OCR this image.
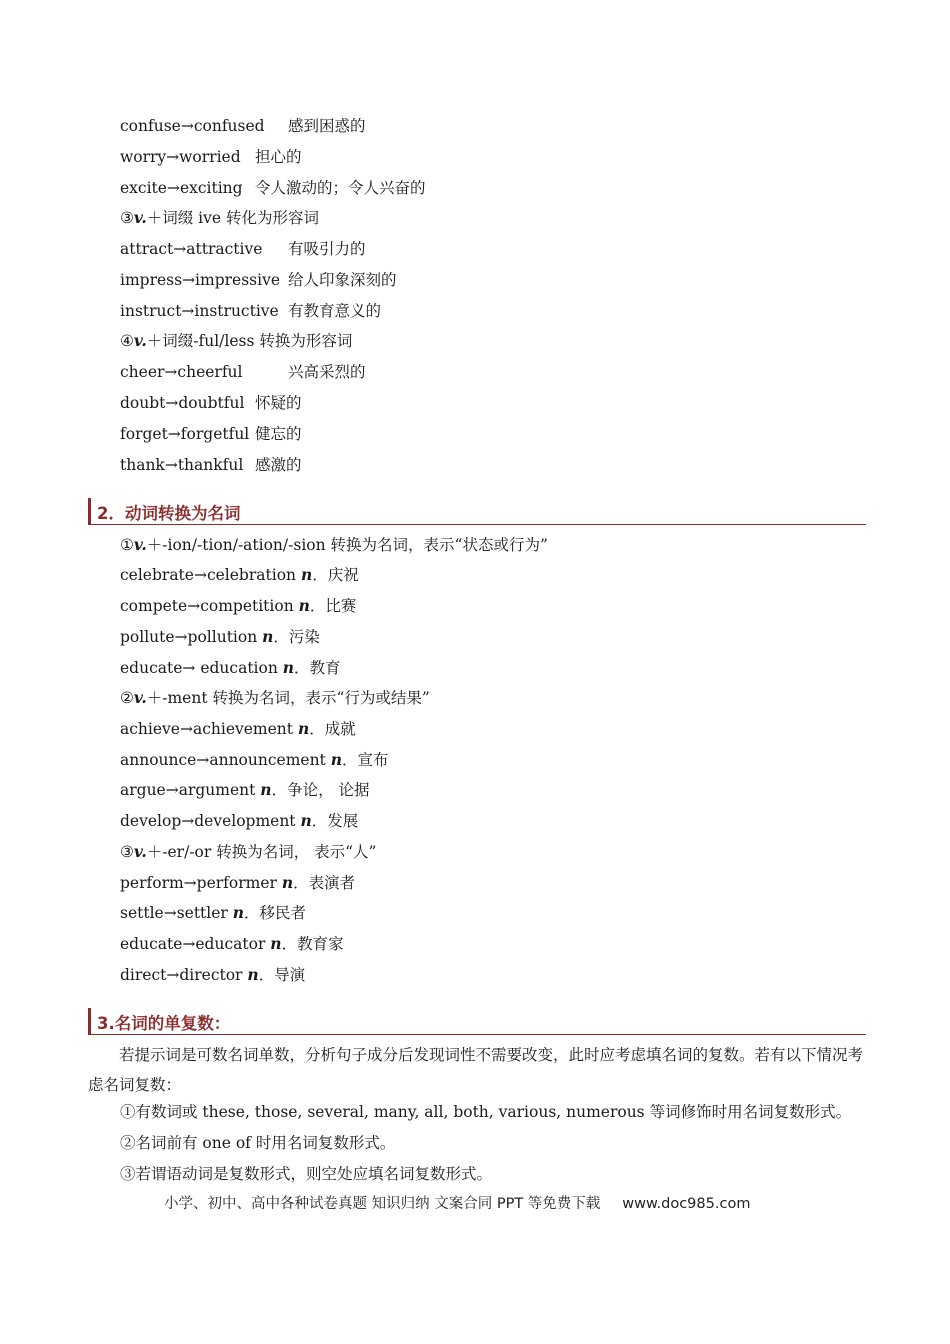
confuse→confused 感到困惑的
worry→worried 担心的
excite→exciting 令人激动的；令人兴奋的
③v.＋词缀 ive 转化为形容词
attract→attractive 有吸引力的
impress→impressive 给人印象深刻的
instruct→instructive 有教育意义的
④v.＋词缀-ful/less 转换为形容词
cheer→cheerful	兴高采烈的
doubt→doubtful 怀疑的
forget→forgetful 健忘的
thank→thankful 感激的
2．动词转换为名词
①v.＋-ion/-tion/-ation/-sion 转换为名词，表示“状态或行为”
celebrate→celebration n．庆祝
compete→competition n．比赛
pollute→pollution n．污染
educate→ education n．教育
②v.＋-ment 转换为名词，表示“行为或结果”
achieve→achievement n．成就
announce→announcement n．宣布
argue→argument n．争论， 论据
develop→development n．发展
③v.＋-er/-or 转换为名词， 表示“人”
perform→performer n．表演者
settle→settler n．移民者
educate→educator n．教育家
direct→director n．导演
3.名词的单复数：
若提示词是可数名词单数，分析句子成分后发现词性不需要改变，此时应考虑填名词的复数。若有以下情况考虑名词复数：
①有数词或 these, those, several, many, all, both, various, numerous 等词修饰时用名词复数形式。
②名词前有 one of 时用名词复数形式。
③若谓语动词是复数形式，则空处应填名词复数形式。
小学、初中、高中各种试卷真题 知识归纳 文案合同 PPT 等免费下载 www.doc985.com
